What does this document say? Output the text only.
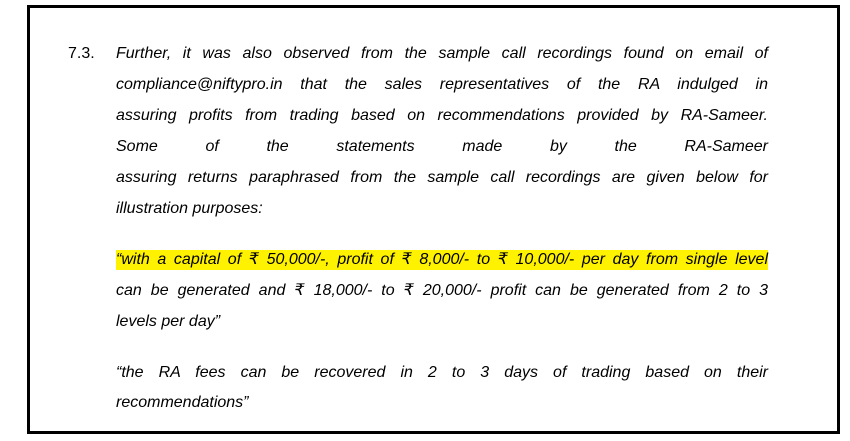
7.3. Further, it was also observed from the sample call recordings found on email of
compliance@niftypro.in that the sales representatives of the RA indulged in
assuring profits from trading based on recommendations provided by RA-Sameer.
Some of the statements made by the RA-Sameer
assuring returns paraphrased from the sample call recordings are given below for
illustration purposes:
“with a capital of ₹ 50,000/-, profit of ₹ 8,000/- to ₹ 10,000/- per day from single level
can be generated and ₹ 18,000/- to ₹ 20,000/- profit can be generated from 2 to 3
levels per day”
“the RA fees can be recovered in 2 to 3 days of trading based on their
recommendations”
